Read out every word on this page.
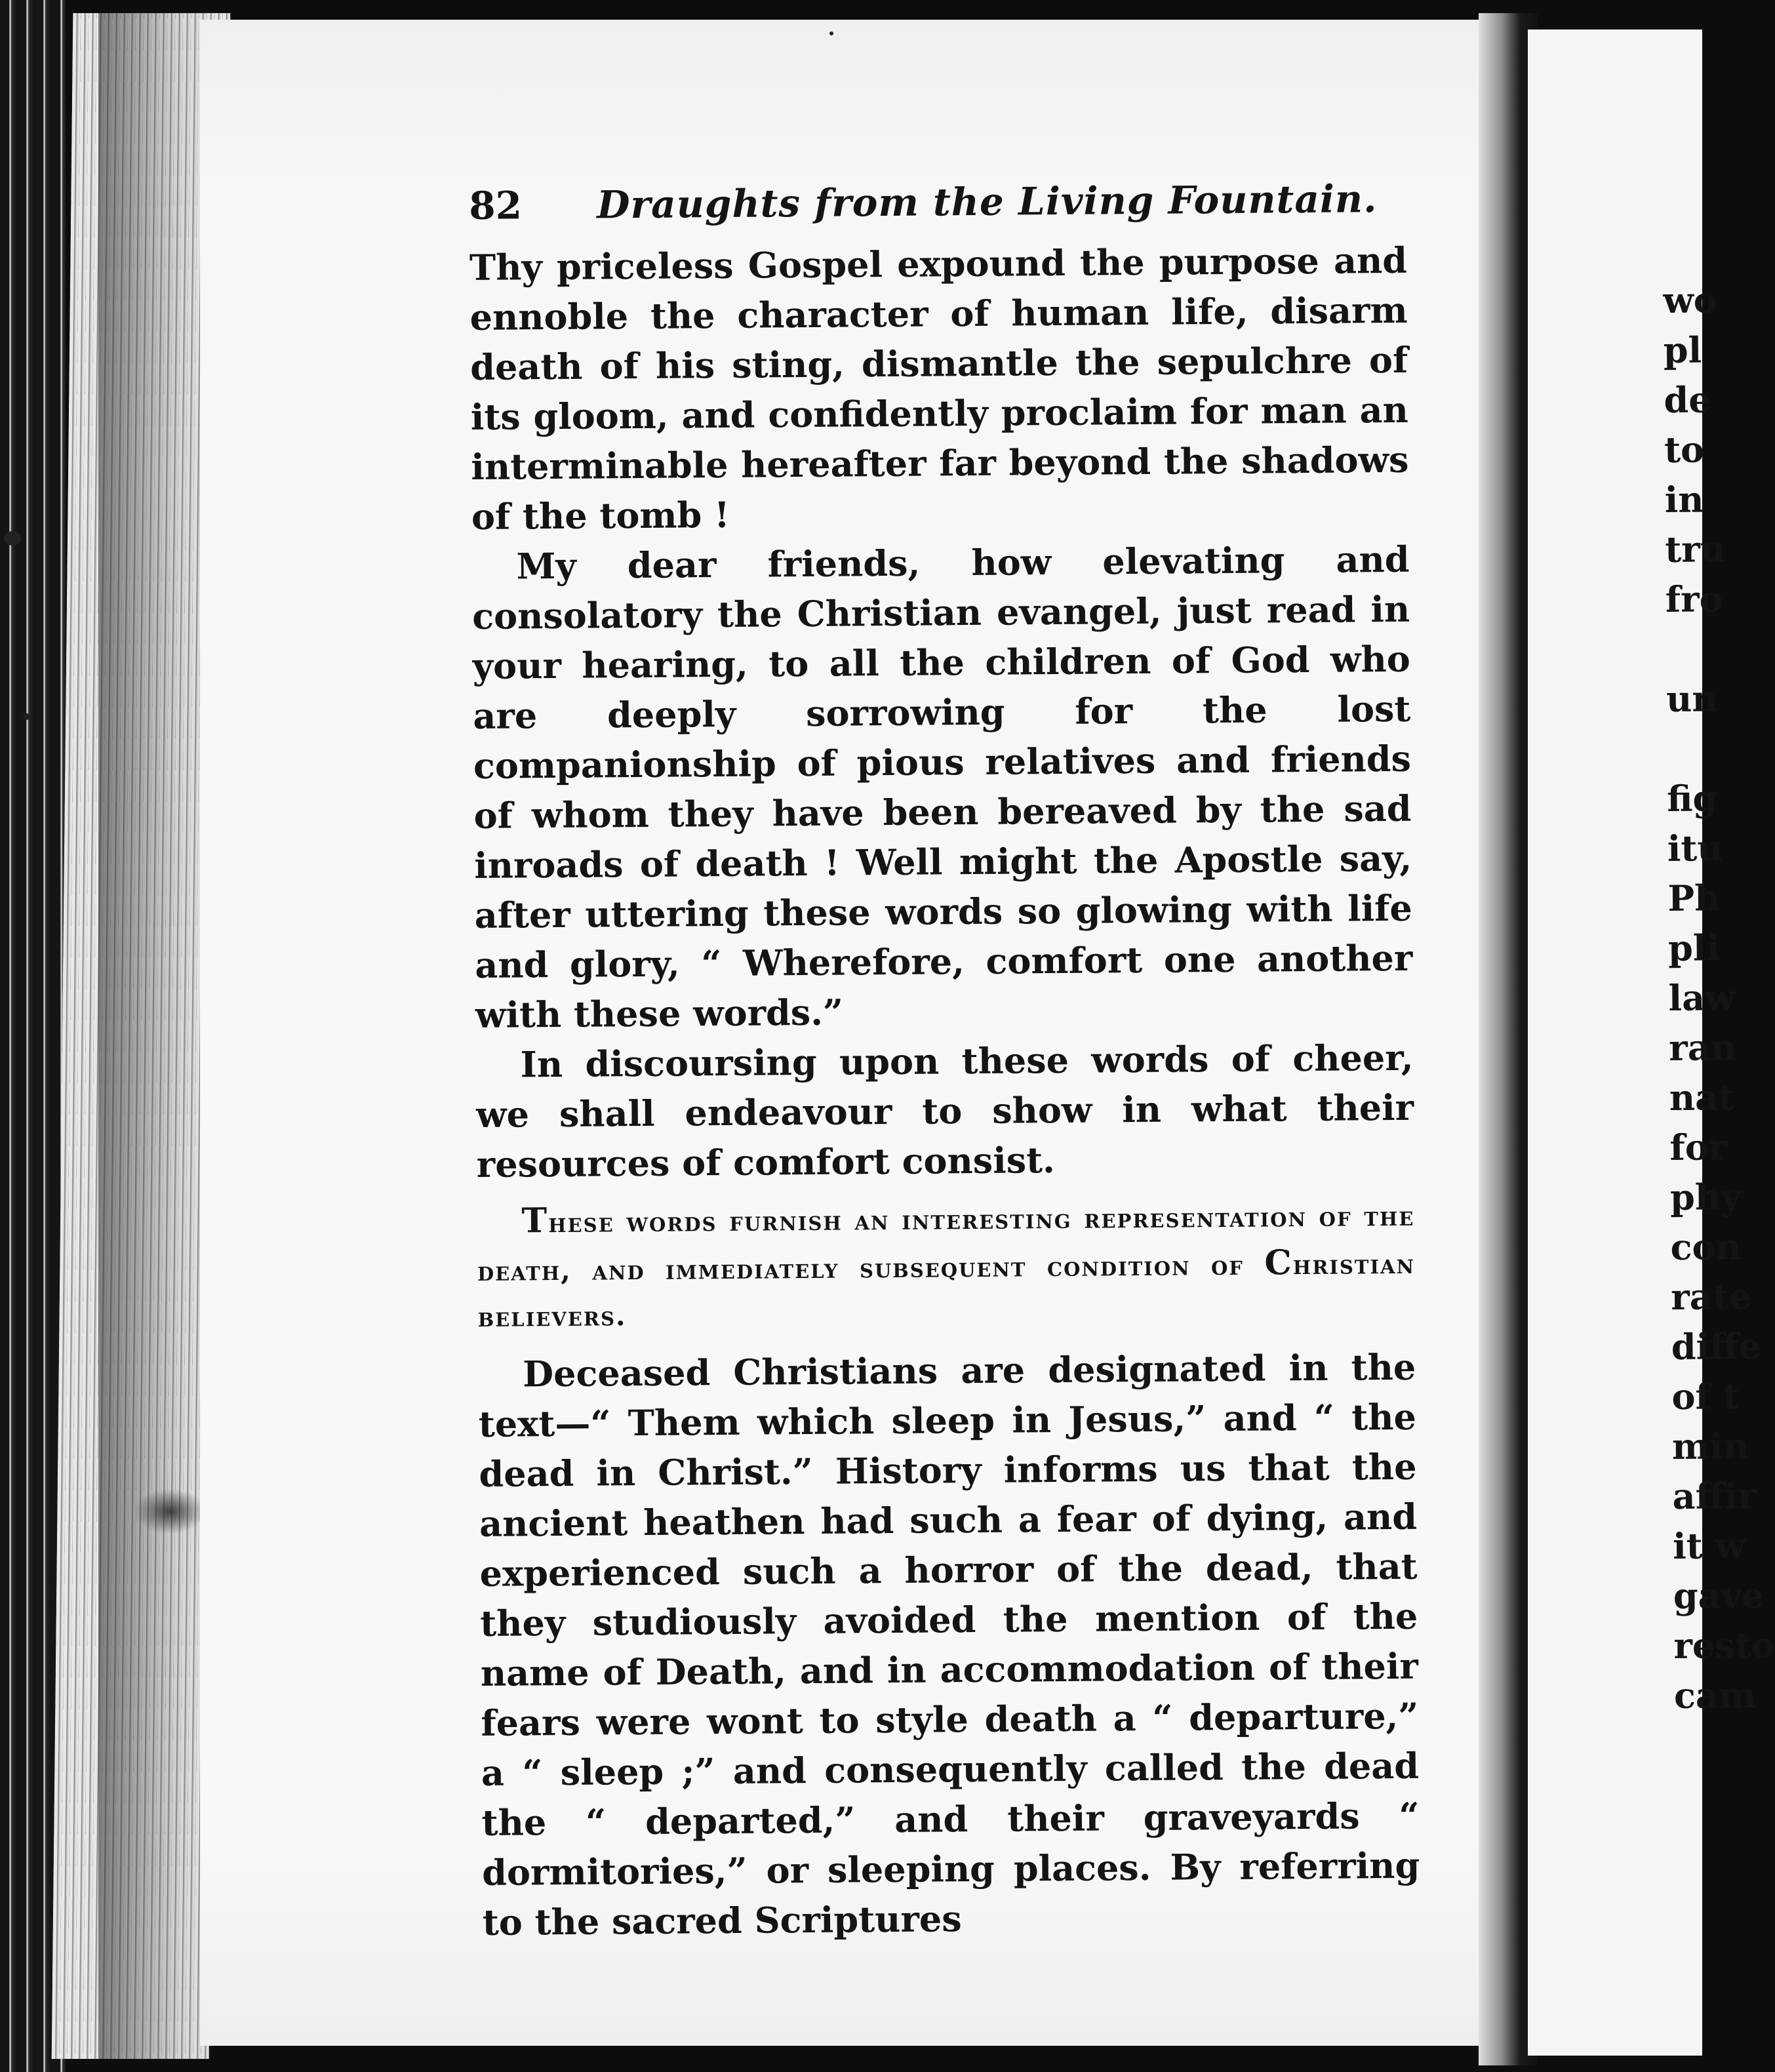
82	Draughts from the Living Fountain.

Thy priceless Gospel expound the purpose and ennoble the character of human life, disarm death of his sting, dismantle the sepulchre of its gloom, and confidently proclaim for man an interminable hereafter far beyond the shadows of the tomb !

My dear friends, how elevating and consolatory the Christian evangel, just read in your hearing, to all the children of God who are deeply sorrowing for the lost companionship of pious relatives and friends of whom they have been bereaved by the sad inroads of death ! Well might the Apostle say, after uttering these words so glowing with life and glory, “ Wherefore, comfort one another with these words.”

In discoursing upon these words of cheer, we shall endeavour to show in what their resources of comfort consist.

These words furnish an interesting representation of the death, and immediately subsequent condition of Christian believers.

Deceased Christians are designated in the text—“ Them which sleep in Jesus,” and “ the dead in Christ.” History informs us that the ancient heathen had such a fear of dying, and experienced such a horror of the dead, that they studiously avoided the mention of the name of Death, and in accommodation of their fears were wont to style death a “ departure,” a “ sleep ;” and consequently called the dead the “ departed,” and their graveyards “ dormitories,” or sleeping places. By referring to the sacred Scriptures

wo
pl
de
to
in
tru
fro
un
fig
itu
Ph
pli
law
ran
nat
for
phy
con
rate
diffe
of t
min
affir
it w
gave
resto
cam
